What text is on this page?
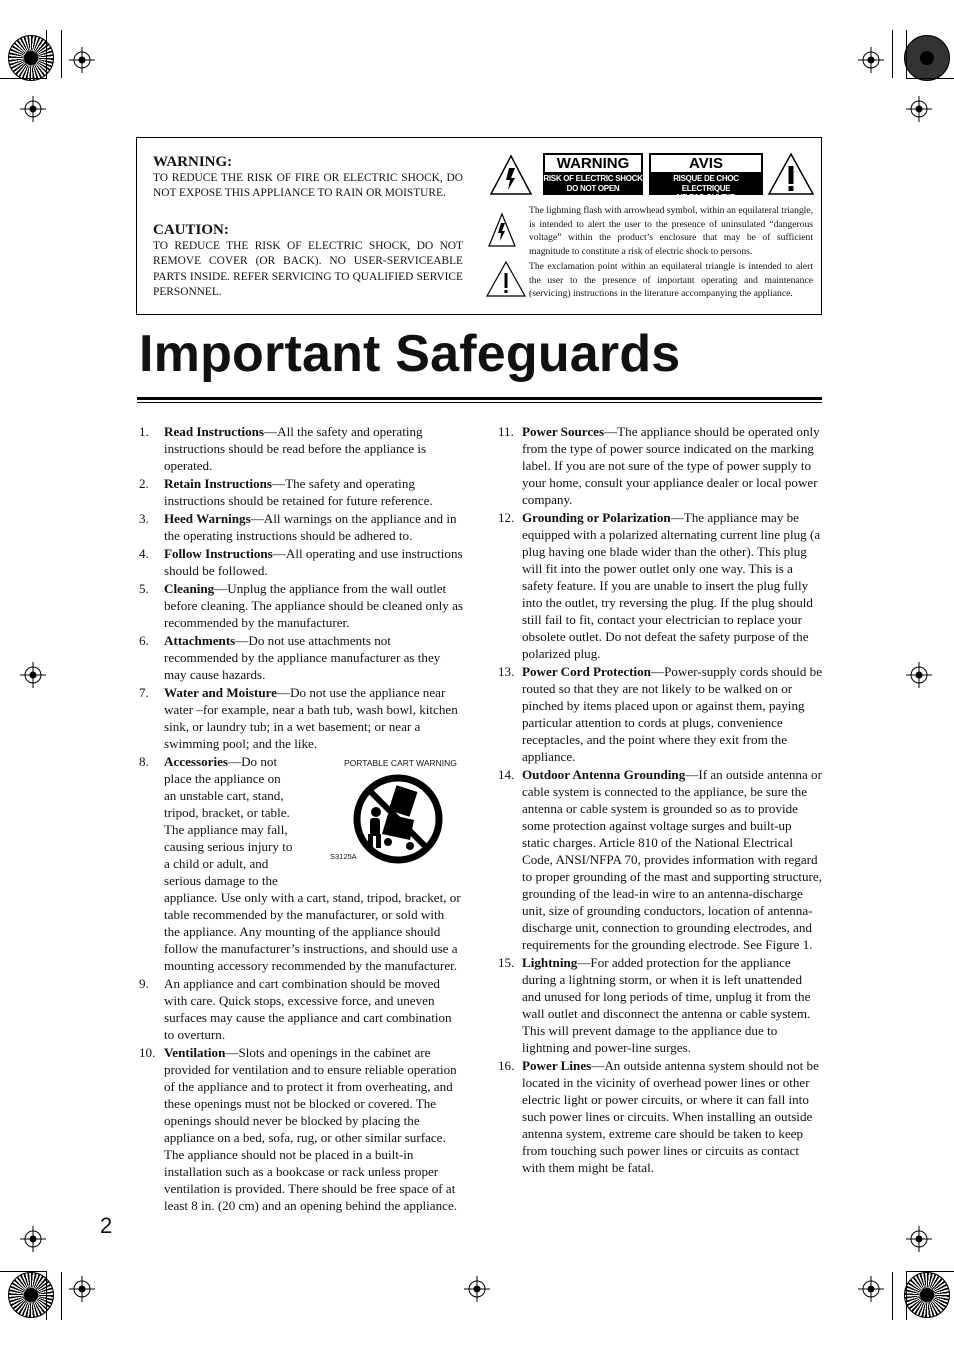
WARNING:
TO REDUCE THE RISK OF FIRE OR ELECTRIC SHOCK, DO NOT EXPOSE THIS APPLIANCE TO RAIN OR MOISTURE.
CAUTION:
TO REDUCE THE RISK OF ELECTRIC SHOCK, DO NOT REMOVE COVER (OR BACK). NO USER-SERVICEABLE PARTS INSIDE. REFER SERVICING TO QUALIFIED SERVICE PERSONNEL.
WARNING
RISK OF ELECTRIC SHOCK
DO NOT OPEN
AVIS
RISQUE DE CHOC ELECTRIQUE
NE PAS OUVRIR
The lightning flash with arrowhead symbol, within an equilateral triangle, is intended to alert the user to the presence of uninsulated “dangerous voltage” within the product’s enclosure that may be of sufficient magnitude to constitute a risk of electric shock to persons.
The exclamation point within an equilateral triangle is intended to alert the user to the presence of important operating and maintenance (servicing) instructions in the literature accompanying the appliance.
Important Safeguards
1. Read Instructions—All the safety and operating instructions should be read before the appliance is operated.
2. Retain Instructions—The safety and operating instructions should be retained for future reference.
3. Heed Warnings—All warnings on the appliance and in the operating instructions should be adhered to.
4. Follow Instructions—All operating and use instructions should be followed.
5. Cleaning—Unplug the appliance from the wall outlet before cleaning. The appliance should be cleaned only as recommended by the manufacturer.
6. Attachments—Do not use attachments not recommended by the appliance manufacturer as they may cause hazards.
7. Water and Moisture—Do not use the appliance near water –for example, near a bath tub, wash bowl, kitchen sink, or laundry tub; in a wet basement; or near a swimming pool; and the like.
8. Accessories—Do not place the appliance on an unstable cart, stand, tripod, bracket, or table. The appliance may fall, causing serious injury to a child or adult, and serious damage to the appliance. Use only with a cart, stand, tripod, bracket, or table recommended by the manufacturer, or sold with the appliance. Any mounting of the appliance should follow the manufacturer’s instructions, and should use a mounting accessory recommended by the manufacturer.
9. An appliance and cart combination should be moved with care. Quick stops, excessive force, and uneven surfaces may cause the appliance and cart combination to overturn.
10. Ventilation—Slots and openings in the cabinet are provided for ventilation and to ensure reliable operation of the appliance and to protect it from overheating, and these openings must not be blocked or covered. The openings should never be blocked by placing the appliance on a bed, sofa, rug, or other similar surface. The appliance should not be placed in a built-in installation such as a bookcase or rack unless proper ventilation is provided. There should be free space of at least 8 in. (20 cm) and an opening behind the appliance.
PORTABLE CART WARNING
S3125A
11. Power Sources—The appliance should be operated only from the type of power source indicated on the marking label. If you are not sure of the type of power supply to your home, consult your appliance dealer or local power company.
12. Grounding or Polarization—The appliance may be equipped with a polarized alternating current line plug (a plug having one blade wider than the other). This plug will fit into the power outlet only one way. This is a safety feature. If you are unable to insert the plug fully into the outlet, try reversing the plug. If the plug should still fail to fit, contact your electrician to replace your obsolete outlet. Do not defeat the safety purpose of the polarized plug.
13. Power Cord Protection—Power-supply cords should be routed so that they are not likely to be walked on or pinched by items placed upon or against them, paying particular attention to cords at plugs, convenience receptacles, and the point where they exit from the appliance.
14. Outdoor Antenna Grounding—If an outside antenna or cable system is connected to the appliance, be sure the antenna or cable system is grounded so as to provide some protection against voltage surges and built-up static charges. Article 810 of the National Electrical Code, ANSI/NFPA 70, provides information with regard to proper grounding of the mast and supporting structure, grounding of the lead-in wire to an antenna-discharge unit, size of grounding conductors, location of antenna-discharge unit, connection to grounding electrodes, and requirements for the grounding electrode. See Figure 1.
15. Lightning—For added protection for the appliance during a lightning storm, or when it is left unattended and unused for long periods of time, unplug it from the wall outlet and disconnect the antenna or cable system. This will prevent damage to the appliance due to lightning and power-line surges.
16. Power Lines—An outside antenna system should not be located in the vicinity of overhead power lines or other electric light or power circuits, or where it can fall into such power lines or circuits. When installing an outside antenna system, extreme care should be taken to keep from touching such power lines or circuits as contact with them might be fatal.
2
